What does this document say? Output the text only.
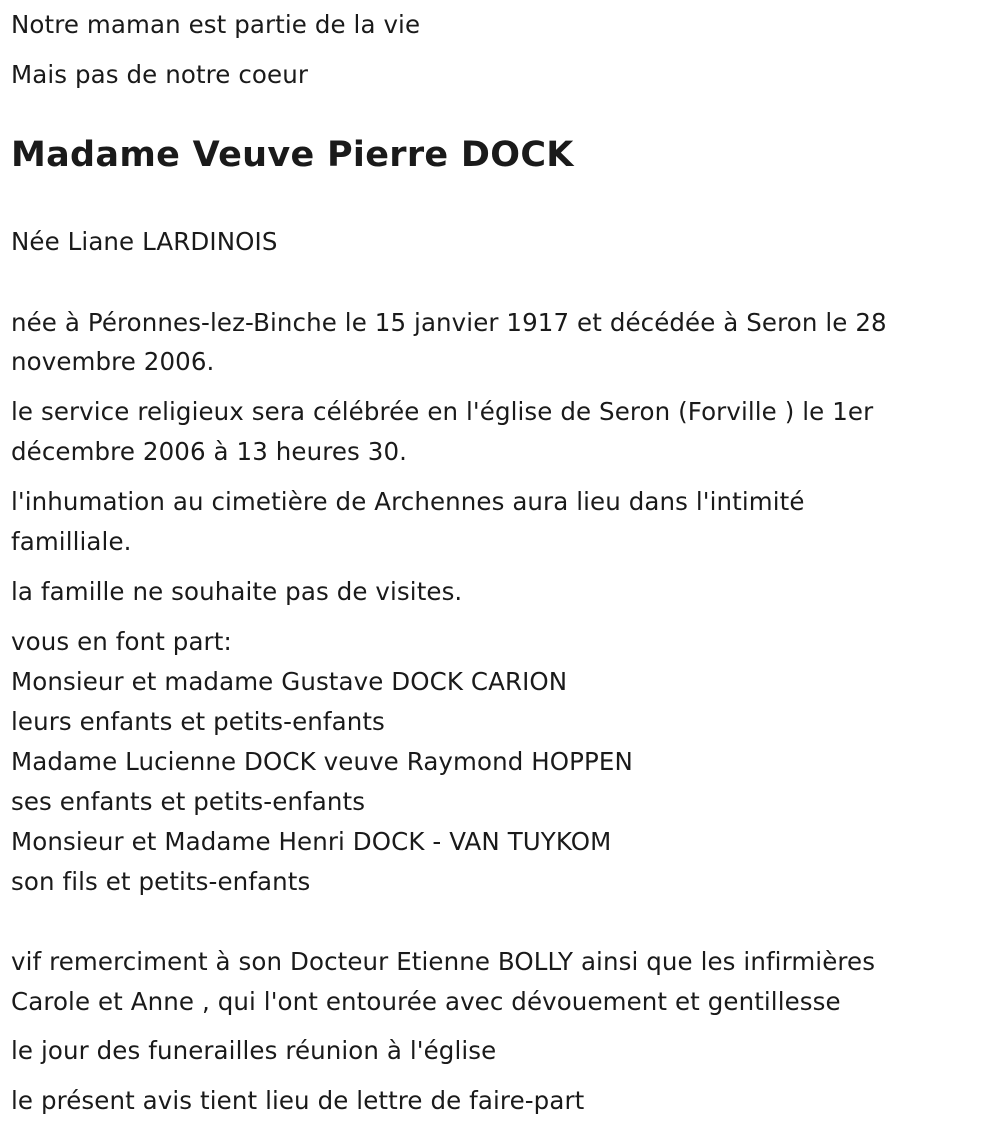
Notre maman est partie de la vie
Mais pas de notre coeur
Madame Veuve Pierre DOCK
Née Liane LARDINOIS
née à Péronnes-lez-Binche le 15 janvier 1917 et décédée à Seron le 28
novembre 2006.
le service religieux sera célébrée en l'église de Seron (Forville ) le 1er
décembre 2006 à 13 heures 30.
l'inhumation au cimetière de Archennes aura lieu dans l'intimité
familliale.
la famille ne souhaite pas de visites.
vous en font part:
Monsieur et madame Gustave DOCK CARION
leurs enfants et petits-enfants
Madame Lucienne DOCK veuve Raymond HOPPEN
ses enfants et petits-enfants
Monsieur et Madame Henri DOCK - VAN TUYKOM
son fils et petits-enfants
vif remerciment à son Docteur Etienne BOLLY ainsi que les infirmières
Carole et Anne , qui l'ont entourée avec dévouement et gentillesse
le jour des funerailles réunion à l'église
le présent avis tient lieu de lettre de faire-part
